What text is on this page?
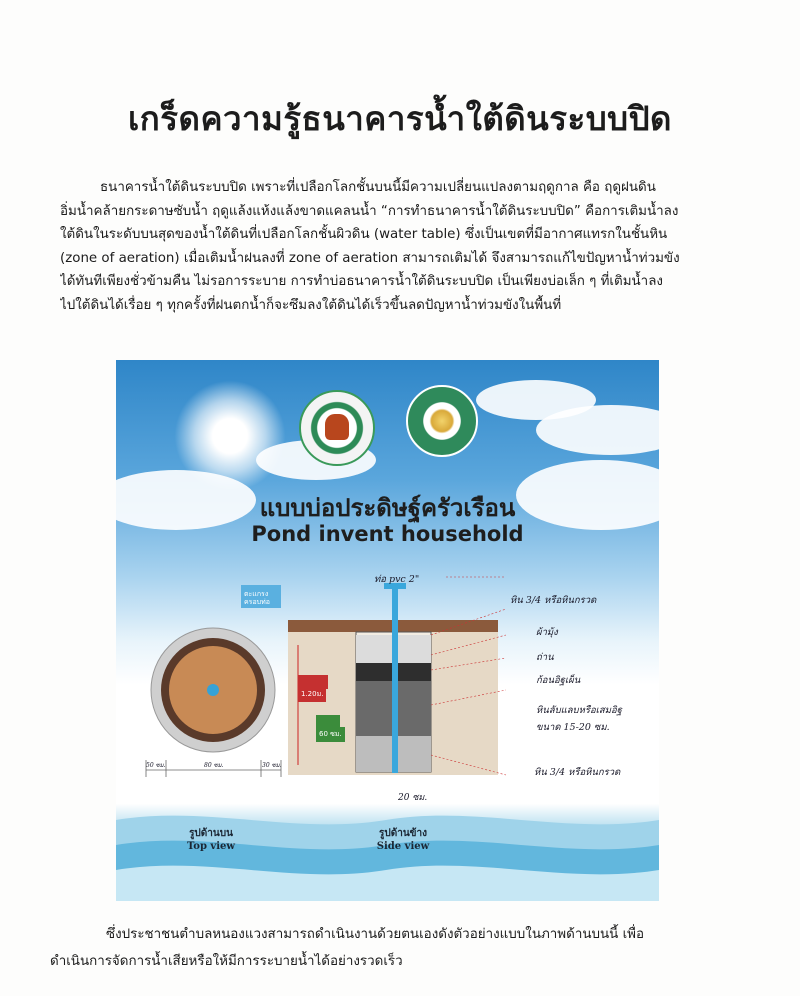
เกร็ดความรู้ธนาคารน้ำใต้ดินระบบปิด
ธนาคารน้ำใต้ดินระบบปิด เพราะที่เปลือกโลกชั้นบนนี้มีความเปลี่ยนแปลงตามฤดูกาล คือ ฤดูฝนดิน
อิ่มน้ำคล้ายกระดาษซับน้ำ ฤดูแล้งแห้งแล้งขาดแคลนน้ำ “การทำธนาคารน้ำใต้ดินระบบปิด” คือการเติมน้ำลง
ใต้ดินในระดับบนสุดของน้ำใต้ดินที่เปลือกโลกชั้นผิวดิน (water table) ซึ่งเป็นเขตที่มีอากาศแทรกในชั้นหิน
(zone of aeration) เมื่อเติมน้ำฝนลงที่ zone of aeration สามารถเติมได้ จึงสามารถแก้ไขปัญหาน้ำท่วมขัง
ได้ทันทีเพียงชั่วข้ามคืน ไม่รอการระบาย การทำบ่อธนาคารน้ำใต้ดินระบบปิด เป็นเพียงบ่อเล็ก ๆ ที่เติมน้ำลง
ไปใต้ดินได้เรื่อย ๆ ทุกครั้งที่ฝนตกน้ำก็จะซึมลงใต้ดินได้เร็วขึ้นลดปัญหาน้ำท่วมขังในพื้นที่
แบบบ่อประดิษฐ์ครัวเรือน
Pond invent household
ท่อ pvc 2"
หิน 3/4 หรือหินกรวด
ผ้ามุ้ง
ถ่าน
ก้อนอิฐเผ็น
หินลับแลบหรือเสมอิฐ
ขนาด 15-20 ซม.
หิน 3/4 หรือหินกรวด
1.20ม.
60 ซม.
ตะแกรง ครอบท่อ
20 ซม.
50 ซม.	80 ซม.	30 ซม.
รูปด้านบน
Top view
รูปด้านข้าง
Side view
ซึ่งประชาชนตำบลหนองแวงสามารถดำเนินงานด้วยตนเองดังตัวอย่างแบบในภาพด้านบนนี้ เพื่อ
ดำเนินการจัดการน้ำเสียหรือให้มีการระบายน้ำได้อย่างรวดเร็ว
